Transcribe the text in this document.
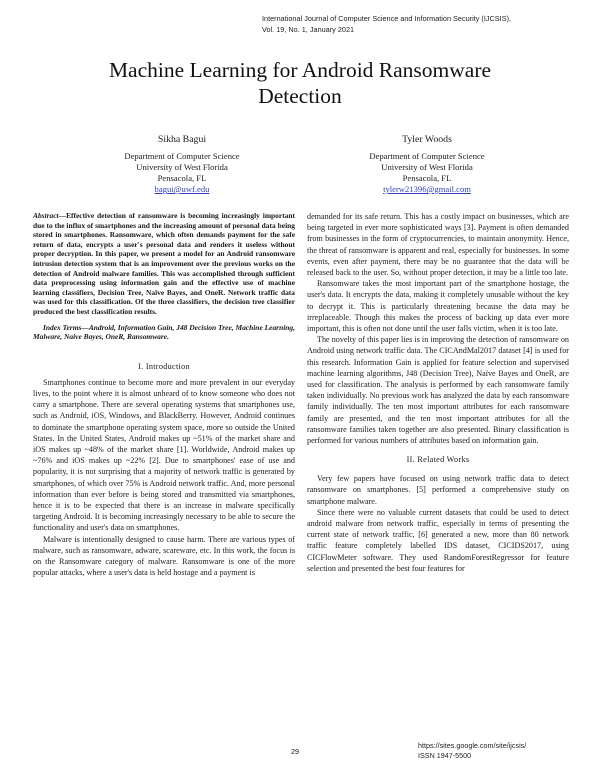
International Journal of Computer Science and Information Security (IJCSIS),
Vol. 19, No. 1, January 2021
Machine Learning for Android Ransomware
Detection
Sikha Bagui
Department of Computer Science
University of West Florida
Pensacola, FL
bagui@uwf.edu
Tyler Woods
Department of Computer Science
University of West Florida
Pensacola, FL
tylerw21396@gmail.com

Abstract—Effective detection of ransomware is becoming increasingly important due to the influx of smartphones and the increasing amount of personal data being stored in smartphones. Ransomware, which often demands payment for the safe return of data, encrypts a user's personal data and renders it useless without proper decryption. In this paper, we present a model for an Android ransomware intrusion detection system that is an improvement over the previous works on the detection of Android malware families. This was accomplished through sufficient data preprocessing using information gain and the effective use of machine learning classifiers, Decision Tree, Naïve Bayes, and OneR. Network traffic data was used for this classification. Of the three classifiers, the decision tree classifier produced the best classification results.

Index Terms—Android, Information Gain, J48 Decision Tree, Machine Learning, Malware, Naive Bayes, OneR, Ransomware.

I. Introduction

Smartphones continue to become more and more prevalent in our everyday lives, to the point where it is almost unheard of to know someone who does not carry a smartphone. There are several operating systems that smartphones use, such as Android, iOS, Windows, and BlackBerry. However, Android continues to dominate the smartphone operating system space, more so outside the United States. In the United States, Android makes up ~51% of the market share and iOS makes up ~48% of the market share [1]. Worldwide, Android makes up ~76% and iOS makes up ~22% [2]. Due to smartphones' ease of use and popularity, it is not surprising that a majority of network traffic is generated by smartphones, of which over 75% is Android network traffic. And, more personal information than ever before is being stored and transmitted via smartphones, hence it is to be expected that there is an increase in malware specifically targeting Android. It is becoming increasingly necessary to be able to secure the functionality and user's data on smartphones.

Malware is intentionally designed to cause harm. There are various types of malware, such as ransomware, adware, scareware, etc. In this work, the focus is on the Ransomware category of malware. Ransomware is one of the more popular attacks, where a user's data is held hostage and a payment is

demanded for its safe return. This has a costly impact on businesses, which are being targeted in ever more sophisticated ways [3]. Payment is often demanded from businesses in the form of cryptocurrencies, to maintain anonymity. Hence, the threat of ransomware is apparent and real, especially for businesses. In some events, even after payment, there may be no guarantee that the data will be released back to the user. So, without proper detection, it may be a little too late.

Ransomware takes the most important part of the smartphone hostage, the user's data. It encrypts the data, making it completely unusable without the key to decrypt it. This is particularly threatening because the data may be irreplaceable. Though this makes the process of backing up data ever more important, this is often not done until the user falls victim, when it is too late.

The novelty of this paper lies is in improving the detection of ransomware on Android using network traffic data. The CICAndMal2017 dataset [4] is used for this research. Information Gain is applied for feature selection and supervised machine learning algorithms, J48 (Decision Tree), Naïve Bayes and OneR, are used for classification. The analysis is performed by each ransomware family taken individually. No previous work has analyzed the data by each ransomware family individually. The ten most important attributes for each ransomware family are presented, and the ten most important attributes for all the ransomware families taken together are also presented. Binary classification is performed for various numbers of attributes based on information gain.

II. Related Works

Very few papers have focused on using network traffic data to detect ransomware on smartphones. [5] performed a comprehensive study on smartphone malware.

Since there were no valuable current datasets that could be used to detect android malware from network traffic, especially in terms of presenting the current state of network traffic, [6] generated a new, more than 80 network traffic feature completely labelled IDS dataset, CICIDS2017, using CICFlowMeter software. They used RandomForestRegressor for feature selection and presented the best four features for

29
https://sites.google.com/site/ijcsis/
ISSN 1947-5500
